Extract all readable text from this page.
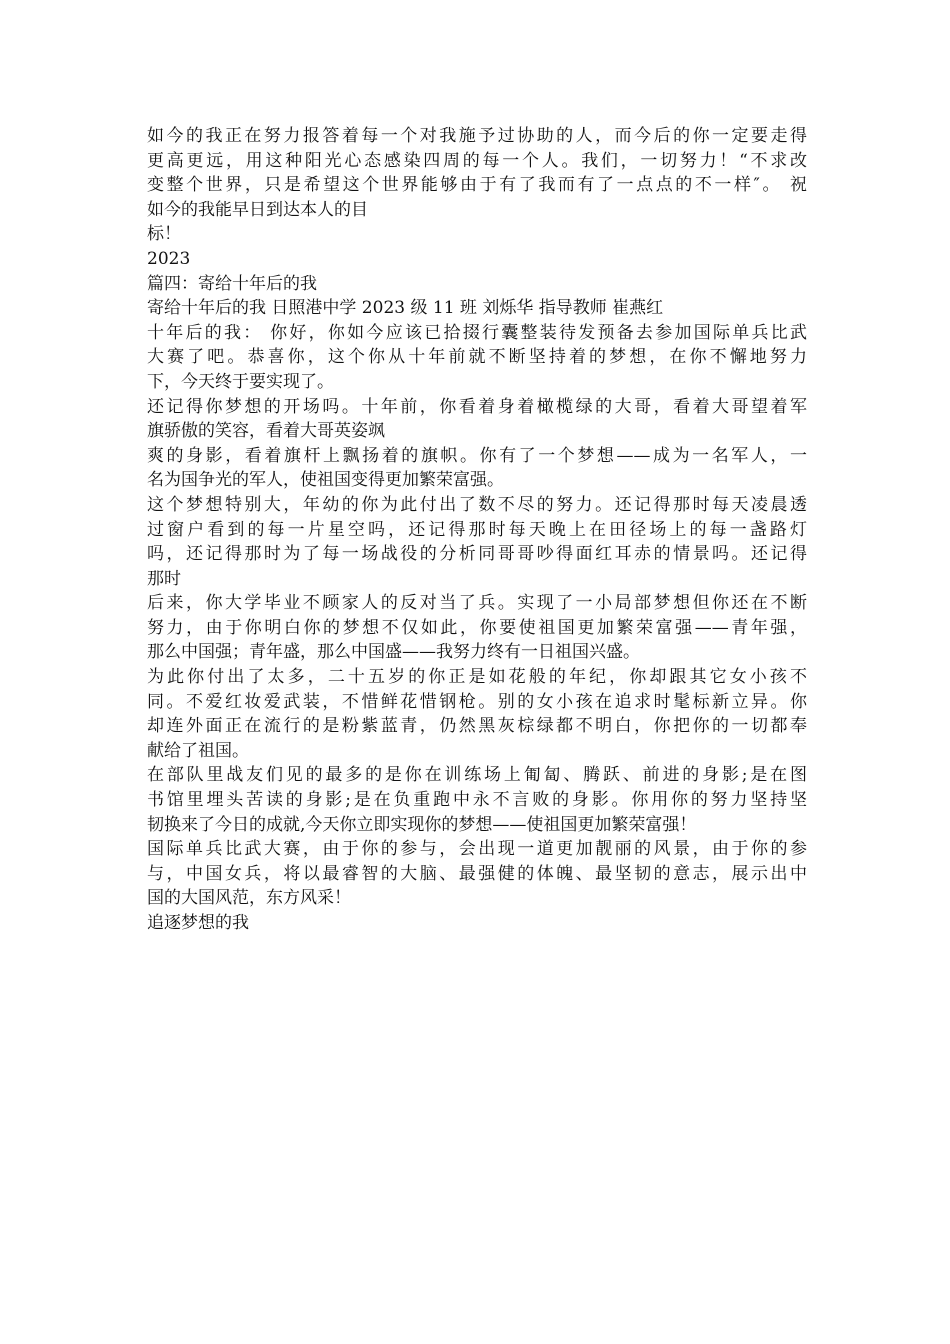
如今的我正在努力报答着每一个对我施予过协助的人，而今后的你一定要走得
更高更远，用这种阳光心态感染四周的每一个人。我们，一切努力！“不求改
变整个世界，只是希望这个世界能够由于有了我而有了一点点的不一样″。 祝
如今的我能早日到达本人的目
标！
2023
篇四：寄给十年后的我
寄给十年后的我 日照港中学 2023 级 11 班 刘烁华 指导教师 崔燕红
十年后的我： 你好，你如今应该已拾掇行囊整装待发预备去参加国际单兵比武
大赛了吧。恭喜你，这个你从十年前就不断坚持着的梦想，在你不懈地努力
下，今天终于要实现了。
还记得你梦想的开场吗。十年前，你看着身着橄榄绿的大哥，看着大哥望着军
旗骄傲的笑容，看着大哥英姿飒
爽的身影，看着旗杆上飘扬着的旗帜。你有了一个梦想——成为一名军人，一
名为国争光的军人，使祖国变得更加繁荣富强。
这个梦想特别大，年幼的你为此付出了数不尽的努力。还记得那时每天凌晨透
过窗户看到的每一片星空吗，还记得那时每天晚上在田径场上的每一盏路灯
吗，还记得那时为了每一场战役的分析同哥哥吵得面红耳赤的情景吗。还记得
那时
后来，你大学毕业不顾家人的反对当了兵。实现了一小局部梦想但你还在不断
努力，由于你明白你的梦想不仅如此，你要使祖国更加繁荣富强——青年强，
那么中国强；青年盛，那么中国盛——我努力终有一日祖国兴盛。
为此你付出了太多，二十五岁的你正是如花般的年纪，你却跟其它女小孩不
同。不爱红妆爱武装，不惜鲜花惜钢枪。别的女小孩在追求时髦标新立异。你
却连外面正在流行的是粉紫蓝青，仍然黑灰棕绿都不明白，你把你的一切都奉
献给了祖国。
在部队里战友们见的最多的是你在训练场上匍匐、腾跃、前进的身影;是在图
书馆里埋头苦读的身影;是在负重跑中永不言败的身影。你用你的努力坚持坚
韧换来了今日的成就,今天你立即实现你的梦想——使祖国更加繁荣富强！
国际单兵比武大赛，由于你的参与，会出现一道更加靓丽的风景，由于你的参
与，中国女兵，将以最睿智的大脑、最强健的体魄、最坚韧的意志，展示出中
国的大国风范，东方风采！
追逐梦想的我
